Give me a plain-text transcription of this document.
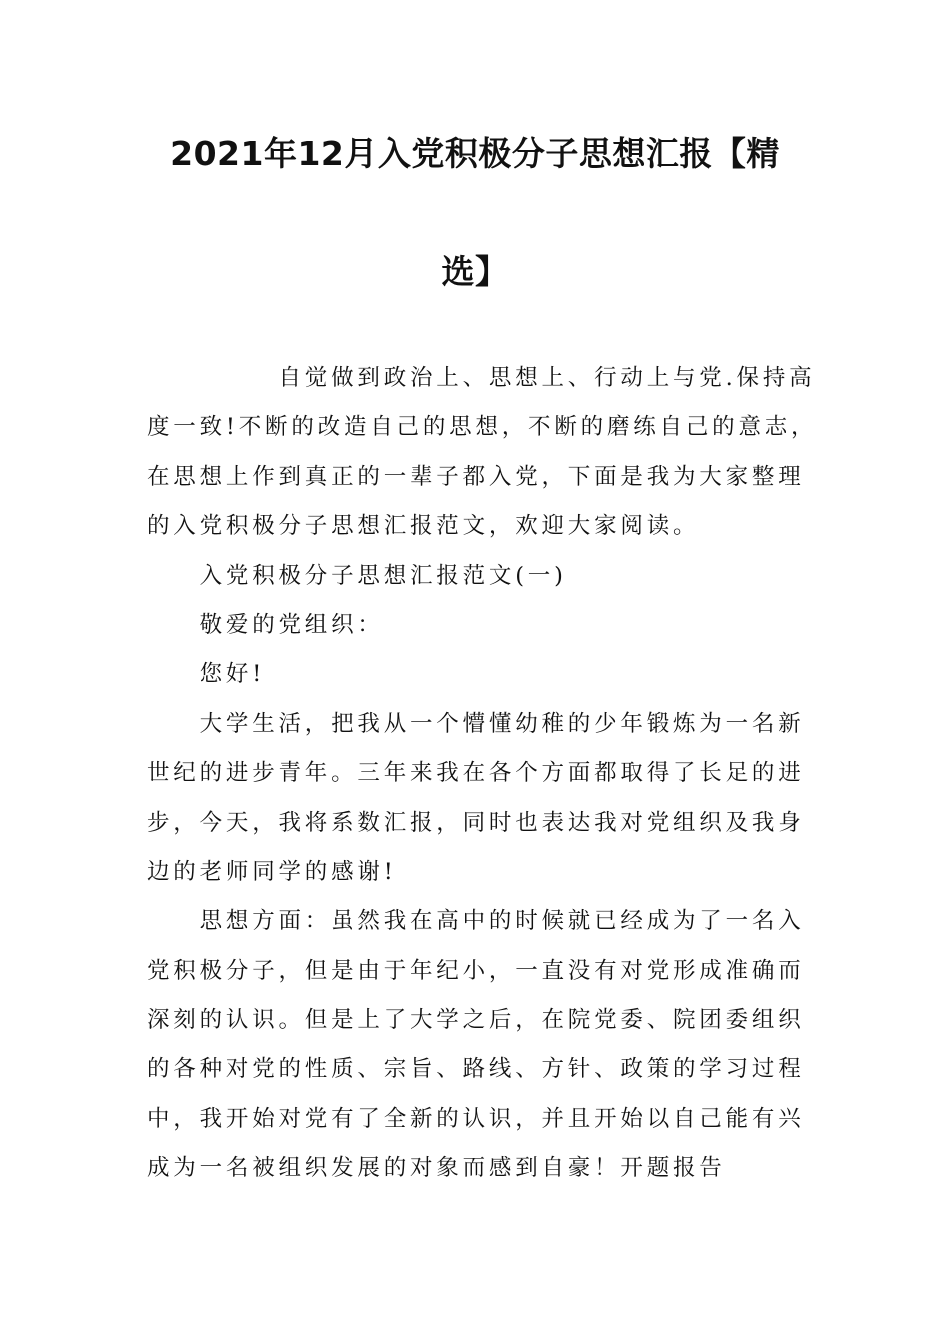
2021年12月入党积极分子思想汇报【精
选】
　　　　　自觉做到政治上、思想上、行动上与党.保持高
度一致!不断的改造自己的思想，不断的磨练自己的意志，
在思想上作到真正的一辈子都入党，下面是我为大家整理
的入党积极分子思想汇报范文，欢迎大家阅读。
　　入党积极分子思想汇报范文(一)
　　敬爱的党组织：
　　您好!
　　大学生活，把我从一个懵懂幼稚的少年锻炼为一名新
世纪的进步青年。三年来我在各个方面都取得了长足的进
步，今天，我将系数汇报，同时也表达我对党组织及我身
边的老师同学的感谢!
　　思想方面：虽然我在高中的时候就已经成为了一名入
党积极分子，但是由于年纪小，一直没有对党形成准确而
深刻的认识。但是上了大学之后，在院党委、院团委组织
的各种对党的性质、宗旨、路线、方针、政策的学习过程
中，我开始对党有了全新的认识，并且开始以自己能有兴
成为一名被组织发展的对象而感到自豪！开题报告
